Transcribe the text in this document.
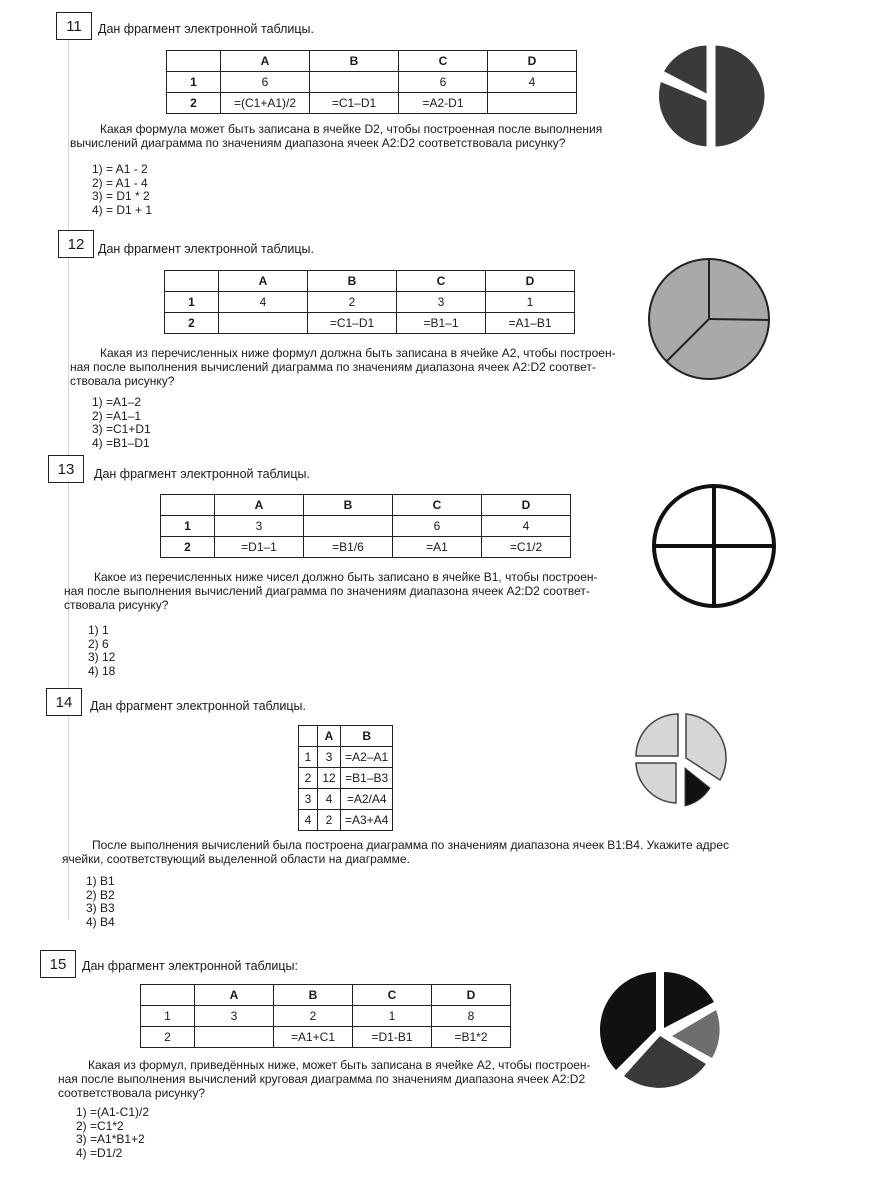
11	Дан фрагмент электронной таблицы.
	A	B	C	D
1	6		6	4
2	=(C1+A1)/2	=C1–D1	=A2-D1	
Какая формула может быть записана в ячейке D2, чтобы построенная после выполнения
вычислений диаграмма по значениям диапазона ячеек A2:D2 соответствовала рисунку?
1) = A1 - 2
2) = A1 - 4
3) = D1 * 2
4) = D1 + 1
12	Дан фрагмент электронной таблицы.
	A	B	C	D
1	4	2	3	1
2		=C1–D1	=B1–1	=A1–B1
Какая из перечисленных ниже формул должна быть записана в ячейке A2, чтобы построен-
ная после выполнения вычислений диаграмма по значениям диапазона ячеек A2:D2 соответ-
ствовала рисунку?
1) =A1–2
2) =A1–1
3) =C1+D1
4) =B1–D1
13	Дан фрагмент электронной таблицы.
	A	B	C	D
1	3		6	4
2	=D1–1	=B1/6	=A1	=C1/2
Какое из перечисленных ниже чисел должно быть записано в ячейке B1, чтобы построен-
ная после выполнения вычислений диаграмма по значениям диапазона ячеек A2:D2 соответ-
ствовала рисунку?
1) 1
2) 6
3) 12
4) 18
14	Дан фрагмент электронной таблицы.
	A	B
1	3	=A2–A1
2	12	=B1–B3
3	4	=A2/A4
4	2	=A3+A4
После выполнения вычислений была построена диаграмма по значениям диапазона ячеек B1:B4. Укажите адрес
ячейки, соответствующий выделенной области на диаграмме.
1) B1
2) B2
3) B3
4) B4
15	Дан фрагмент электронной таблицы:
	A	B	C	D
1	3	2	1	8
2		=A1+C1	=D1-B1	=B1*2
Какая из формул, приведённых ниже, может быть записана в ячейке A2, чтобы построен-
ная после выполнения вычислений круговая диаграмма по значениям диапазона ячеек A2:D2
соответствовала рисунку?
1) =(A1-C1)/2
2) =C1*2
3) =A1*B1+2
4) =D1/2
